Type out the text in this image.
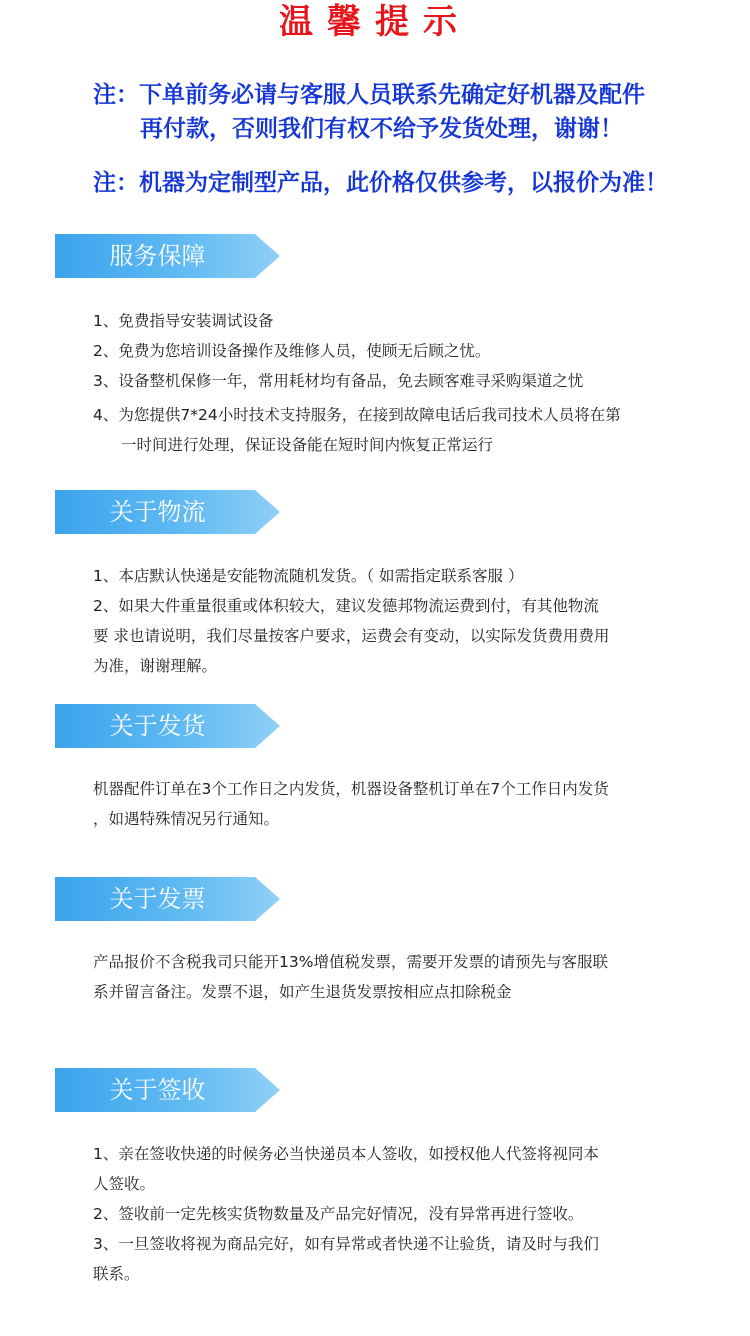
温馨提示
注：下单前务必请与客服人员联系先确定好机器及配件
再付款，否则我们有权不给予发货处理，谢谢！
注：机器为定制型产品，此价格仅供参考，以报价为准！
服务保障
1、免费指导安装调试设备
2、免费为您培训设备操作及维修人员，使顾无后顾之忧。
3、设备整机保修一年，常用耗材均有备品，免去顾客难寻采购渠道之忧
4、为您提供7*24小时技术支持服务，在接到故障电话后我司技术人员将在第
一时间进行处理，保证设备能在短时间内恢复正常运行
关于物流
1、本店默认快递是安能物流随机发货。（ 如需指定联系客服 ）
2、如果大件重量很重或体积较大，建议发德邦物流运费到付，有其他物流
要 求也请说明，我们尽量按客户要求，运费会有变动，以实际发货费用费用
为准，谢谢理解。
关于发货
机器配件订单在3个工作日之内发货，机器设备整机订单在7个工作日内发货
，如遇特殊情况另行通知。
关于发票
产品报价不含税我司只能开13%增值税发票，需要开发票的请预先与客服联
系并留言备注。发票不退，如产生退货发票按相应点扣除税金
关于签收
1、亲在签收快递的时候务必当快递员本人签收，如授权他人代签将视同本
人签收。
2、签收前一定先核实货物数量及产品完好情况，没有异常再进行签收。
3、一旦签收将视为商品完好，如有异常或者快递不让验货，请及时与我们
联系。
